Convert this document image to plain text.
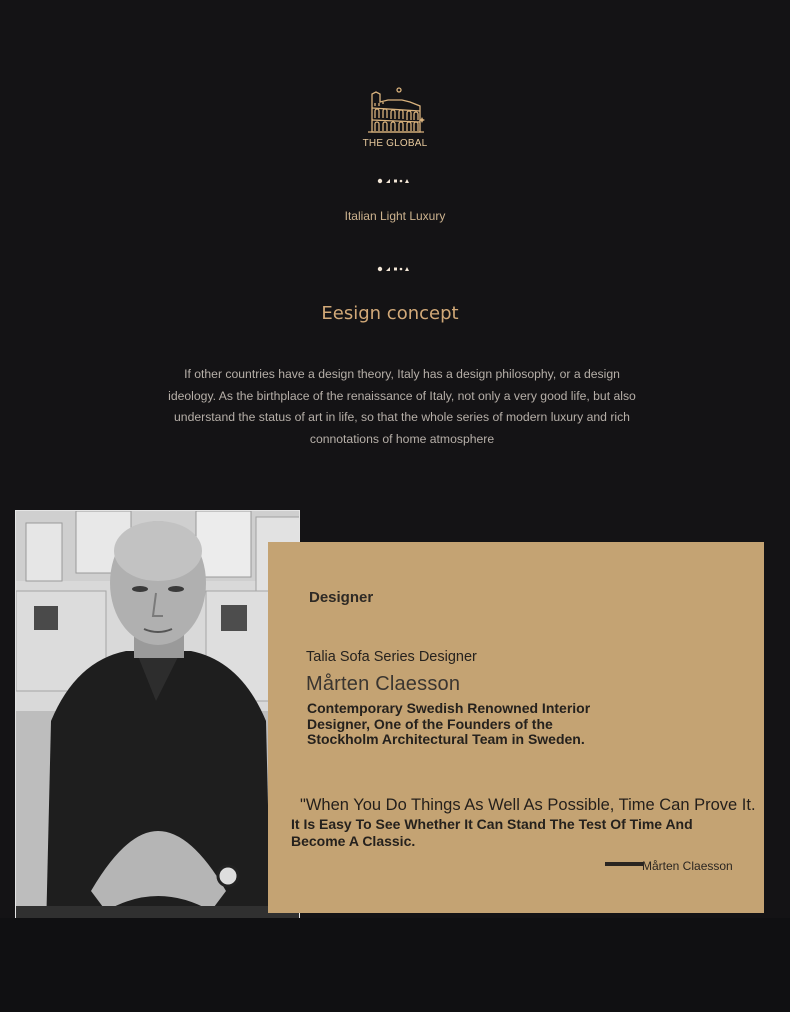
THE GLOBAL
Italian Light Luxury
Eesign concept
If other countries have a design theory, Italy has a design philosophy, or a design ideology. As the birthplace of the renaissance of Italy, not only a very good life, but also understand the status of art in life, so that the whole series of modern luxury and rich connotations of home atmosphere
Designer
Talia Sofa Series Designer
Mårten Claesson
Contemporary Swedish Renowned Interior Designer, One of the Founders of the Stockholm Architectural Team in Sweden.
"When You Do Things As Well As Possible, Time Can Prove It.
It Is Easy To See Whether It Can Stand The Test Of Time And Become A Classic.
Mårten Claesson
